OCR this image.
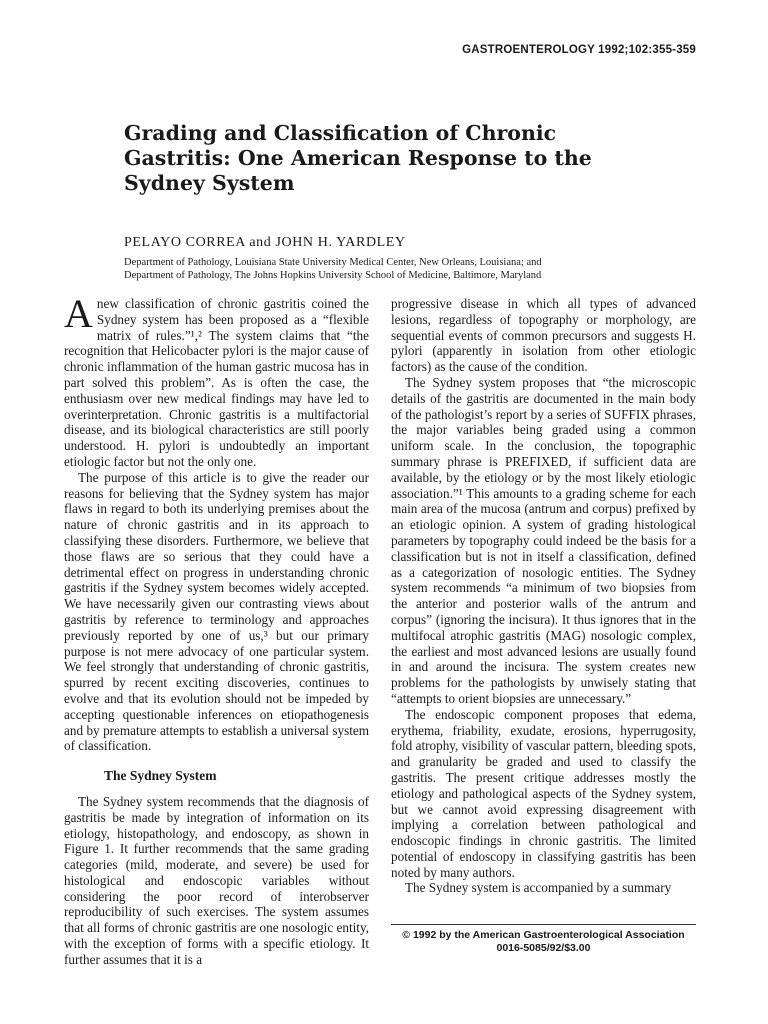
GASTROENTEROLOGY 1992;102:355-359
Grading and Classification of Chronic
Gastritis: One American Response to the
Sydney System
PELAYO CORREA and JOHN H. YARDLEY
Department of Pathology, Louisiana State University Medical Center, New Orleans, Louisiana; and
Department of Pathology, The Johns Hopkins University School of Medicine, Baltimore, Maryland

Anew classification of chronic gastritis coined the Sydney system has been proposed as a “flexible matrix of rules.”¹,² The system claims that “the recognition that Helicobacter pylori is the major cause of chronic inflammation of the human gastric mucosa has in part solved this problem”. As is often the case, the enthusiasm over new medical findings may have led to overinterpretation. Chronic gastritis is a multifactorial disease, and its biological characteristics are still poorly understood. H. pylori is undoubtedly an important etiologic factor but not the only one.

The purpose of this article is to give the reader our reasons for believing that the Sydney system has major flaws in regard to both its underlying premises about the nature of chronic gastritis and in its approach to classifying these disorders. Furthermore, we believe that those flaws are so serious that they could have a detrimental effect on progress in understanding chronic gastritis if the Sydney system becomes widely accepted. We have necessarily given our contrasting views about gastritis by reference to terminology and approaches previously reported by one of us,³ but our primary purpose is not mere advocacy of one particular system. We feel strongly that understanding of chronic gastritis, spurred by recent exciting discoveries, continues to evolve and that its evolution should not be impeded by accepting questionable inferences on etiopathogenesis and by premature attempts to establish a universal system of classification.

The Sydney System

The Sydney system recommends that the diagnosis of gastritis be made by integration of information on its etiology, histopathology, and endoscopy, as shown in Figure 1. It further recommends that the same grading categories (mild, moderate, and severe) be used for histological and endoscopic variables without considering the poor record of interobserver reproducibility of such exercises. The system assumes that all forms of chronic gastritis are one nosologic entity, with the exception of forms with a specific etiology. It further assumes that it is a

progressive disease in which all types of advanced lesions, regardless of topography or morphology, are sequential events of common precursors and suggests H. pylori (apparently in isolation from other etiologic factors) as the cause of the condition.

The Sydney system proposes that “the microscopic details of the gastritis are documented in the main body of the pathologist’s report by a series of SUFFIX phrases, the major variables being graded using a common uniform scale. In the conclusion, the topographic summary phrase is PREFIXED, if sufficient data are available, by the etiology or by the most likely etiologic association.”¹ This amounts to a grading scheme for each main area of the mucosa (antrum and corpus) prefixed by an etiologic opinion. A system of grading histological parameters by topography could indeed be the basis for a classification but is not in itself a classification, defined as a categorization of nosologic entities. The Sydney system recommends “a minimum of two biopsies from the anterior and posterior walls of the antrum and corpus” (ignoring the incisura). It thus ignores that in the multifocal atrophic gastritis (MAG) nosologic complex, the earliest and most advanced lesions are usually found in and around the incisura. The system creates new problems for the pathologists by unwisely stating that “attempts to orient biopsies are unnecessary.”

The endoscopic component proposes that edema, erythema, friability, exudate, erosions, hyperrugosity, fold atrophy, visibility of vascular pattern, bleeding spots, and granularity be graded and used to classify the gastritis. The present critique addresses mostly the etiology and pathological aspects of the Sydney system, but we cannot avoid expressing disagreement with implying a correlation between pathological and endoscopic findings in chronic gastritis. The limited potential of endoscopy in classifying gastritis has been noted by many authors.

The Sydney system is accompanied by a summary

© 1992 by the American Gastroenterological Association
0016-5085/92/$3.00
